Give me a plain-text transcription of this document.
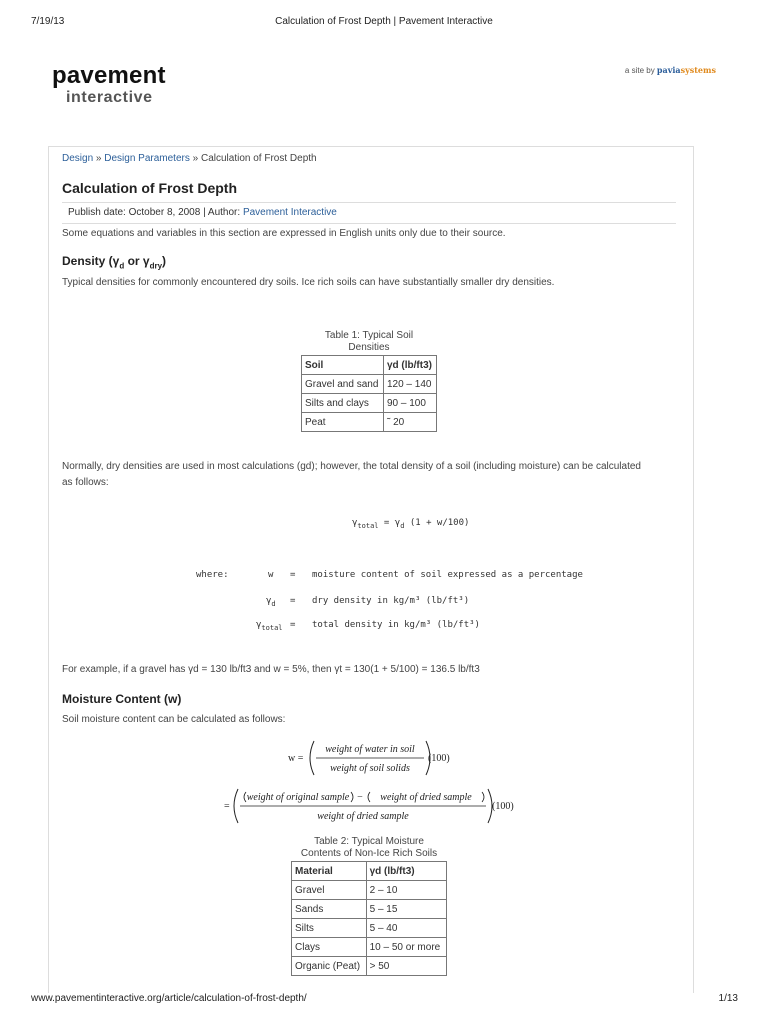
7/19/13	Calculation of Frost Depth | Pavement Interactive
pavement
interactive
a site by paviasystems
Design » Design Parameters » Calculation of Frost Depth
Calculation of Frost Depth
Publish date: October 8, 2008 | Author: Pavement Interactive
Some equations and variables in this section are expressed in English units only due to their source.
Density ($\gamma_d$ or $\gamma_{dry}$)
Typical densities for commonly encountered dry soils. Ice rich soils can have substantially smaller dry densities.
Table 1: Typical Soil
Densities
Soil	γd (lb/ft3)
Gravel and sand	120 – 140
Silts and clays	90 – 100
Peat	˜ 20
Normally, dry densities are used in most calculations (gd); however, the total density of a soil (including moisture) can be calculated
as follows:
$\gamma_{total} = \gamma_d$ (1 + w/100)
where:	w = moisture content of soil expressed as a percentage
$\gamma_d$ = dry density in kg/m³ (lb/ft³)
$\gamma_{total}$ = total density in kg/m³ (lb/ft³)
For example, if a gravel has γd = 130 lb/ft3 and w = 5%, then γt = 130(1 + 5/100) = 136.5 lb/ft3
Moisture Content (w)
Soil moisture content can be calculated as follows:
w =
weight of water in soil
weight of soil solids
(100)
=
weight of original sample − weight of dried sample
weight of dried sample
(100)
Table 2: Typical Moisture
Contents of Non-Ice Rich Soils
Material	γd (lb/ft3)
Gravel	2 – 10
Sands	5 – 15
Silts	5 – 40
Clays	10 – 50 or more
Organic (Peat)	> 50
www.pavementinteractive.org/article/calculation-of-frost-depth/	1/13
